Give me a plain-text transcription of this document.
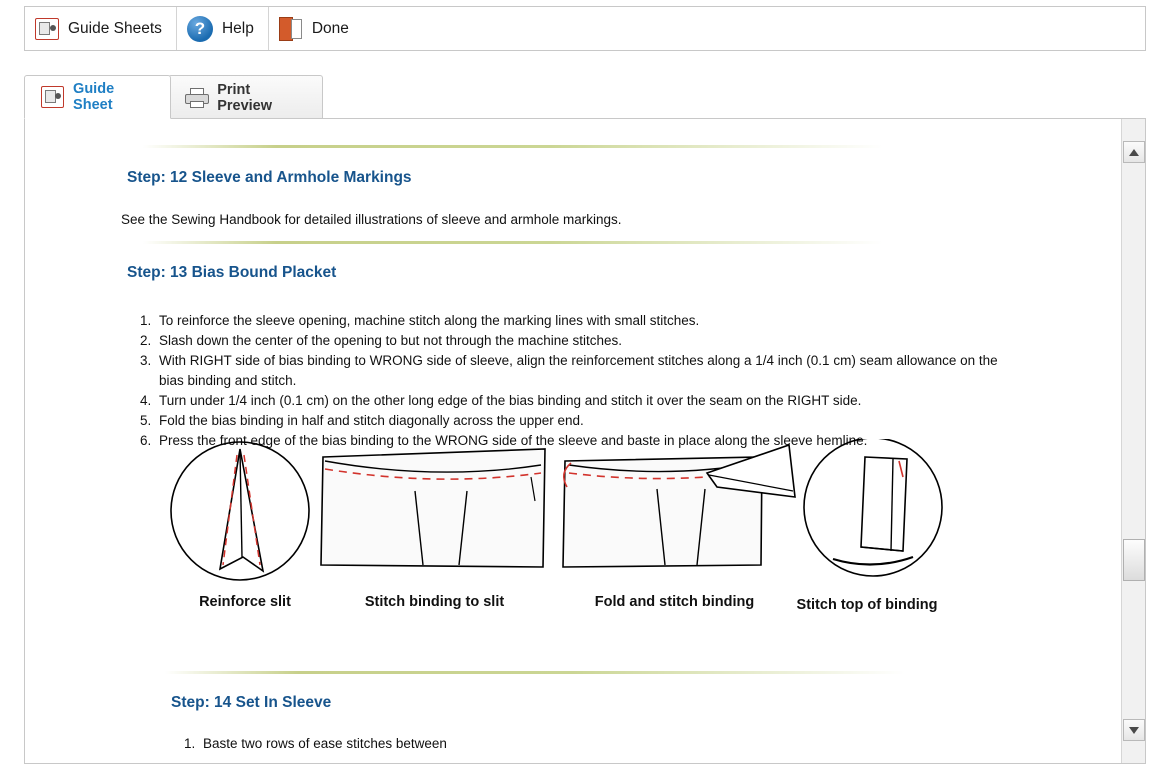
Guide Sheets	?	Help	Done
Guide Sheet
Print Preview
Step: 12 Sleeve and Armhole Markings

See the Sewing Handbook for detailed illustrations of sleeve and armhole markings.

Step: 13 Bias Bound Placket
1. To reinforce the sleeve opening, machine stitch along the marking lines with small stitches.
2. Slash down the center of the opening to but not through the machine stitches.
3. With RIGHT side of bias binding to WRONG side of sleeve, align the reinforcement stitches along a 1/4 inch (0.1 cm) seam allowance on the bias binding and stitch.
4. Turn under 1/4 inch (0.1 cm) on the other long edge of the bias binding and stitch it over the seam on the RIGHT side.
5. Fold the bias binding in half and stitch diagonally across the upper end.
6. Press the front edge of the bias binding to the WRONG side of the sleeve and baste in place along the sleeve hemline.
Reinforce slit	Stitch binding to slit	Fold and stitch binding	Stitch top of binding
Step: 14 Set In Sleeve
1. Baste two rows of ease stitches between
